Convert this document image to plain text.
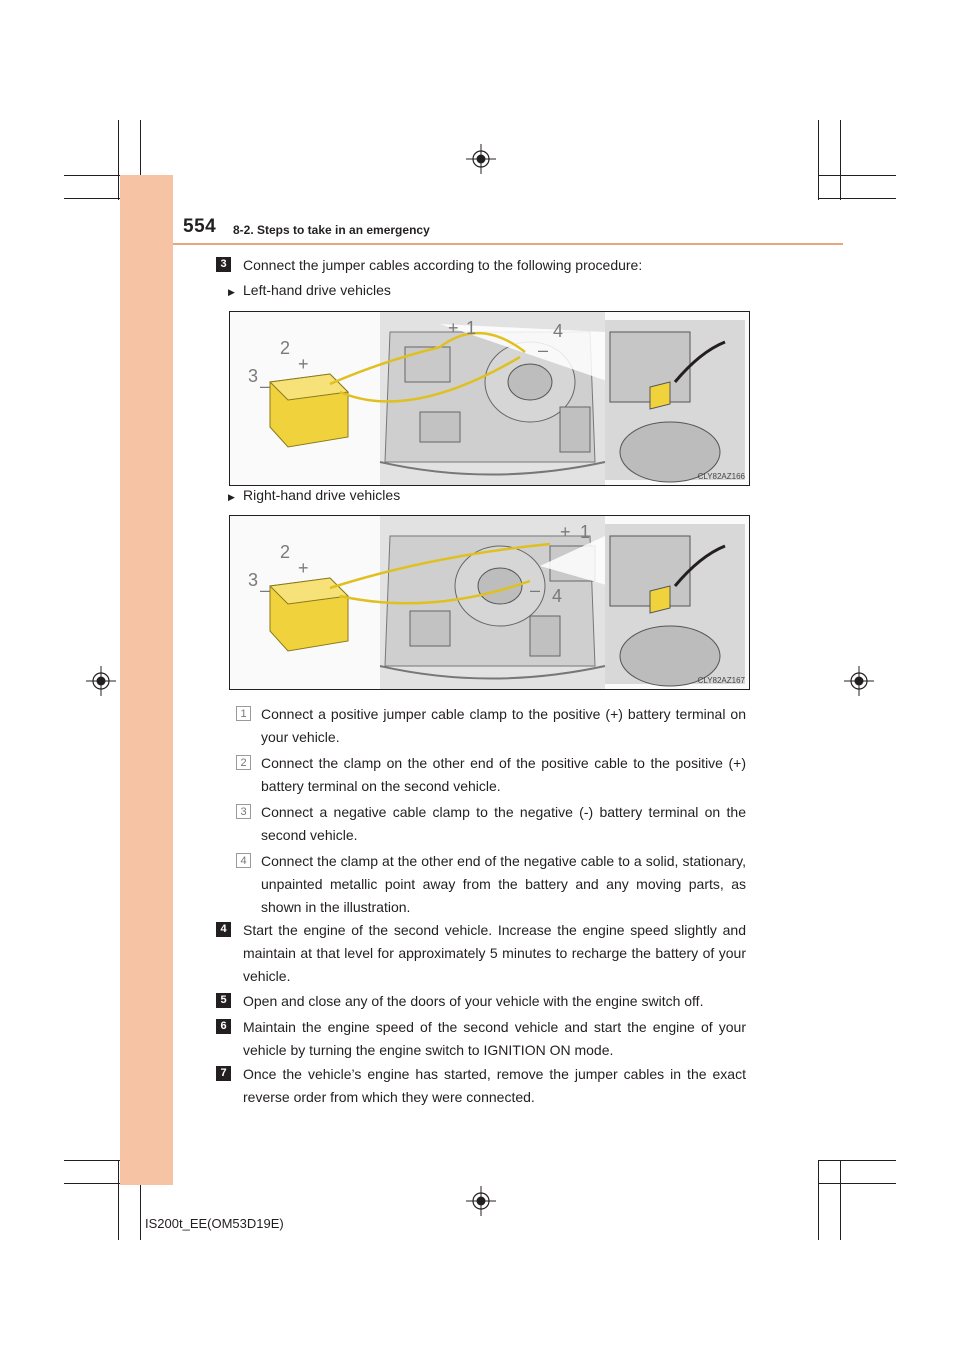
554 8-2. Steps to take in an emergency
3	Connect the jumper cables according to the following procedure:
▶ Left-hand drive vehicles
3
2
1	4
+
+
–
–
CLY82AZ166
▶ Right-hand drive vehicles
3
2
1
4
+
+
–	–
CLY82AZ167
1	Connect a positive jumper cable clamp to the positive (+) battery terminal on your vehicle.
2	Connect the clamp on the other end of the positive cable to the positive (+) battery terminal on the second vehicle.
3	Connect a negative cable clamp to the negative (-) battery terminal on the second vehicle.
4	Connect the clamp at the other end of the negative cable to a solid, stationary, unpainted metallic point away from the battery and any moving parts, as shown in the illustration.
4	Start the engine of the second vehicle. Increase the engine speed slightly and maintain at that level for approximately 5 minutes to recharge the battery of your vehicle.
5	Open and close any of the doors of your vehicle with the engine switch off.
6	Maintain the engine speed of the second vehicle and start the engine of your vehicle by turning the engine switch to IGNITION ON mode.
7	Once the vehicle’s engine has started, remove the jumper cables in the exact reverse order from which they were connected.
IS200t_EE(OM53D19E)
